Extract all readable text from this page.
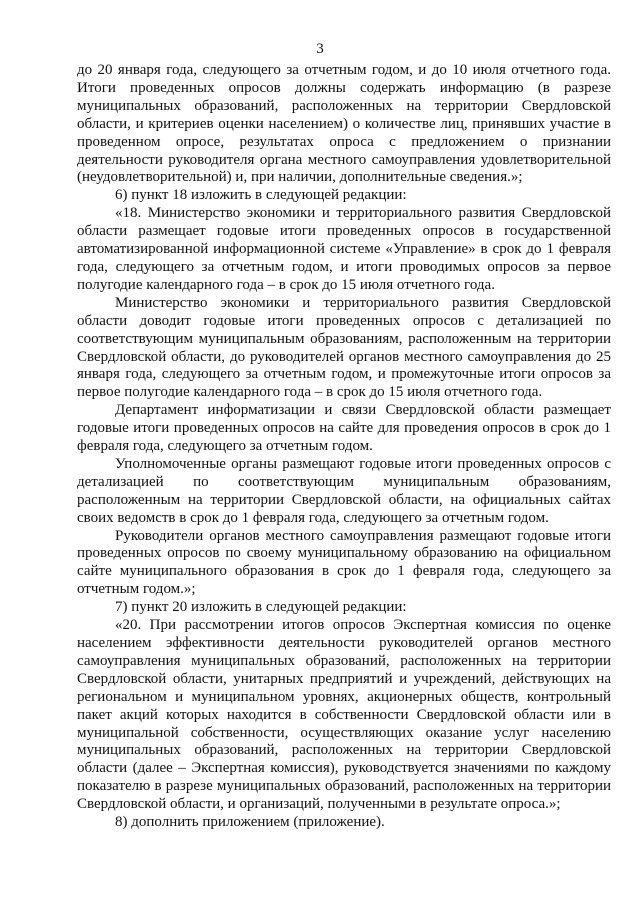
3

до 20 января года, следующего за отчетным годом, и до 10 июля отчетного года. Итоги проведенных опросов должны содержать информацию (в разрезе муниципальных образований, расположенных на территории Свердловской области, и критериев оценки населением) о количестве лиц, принявших участие в проведенном опросе, результатах опроса с предложением о признании деятельности руководителя органа местного самоуправления удовлетворительной (неудовлетворительной) и, при наличии, дополнительные сведения.»;

6) пункт 18 изложить в следующей редакции:

«18. Министерство экономики и территориального развития Свердловской области размещает годовые итоги проведенных опросов в государственной автоматизированной информационной системе «Управление» в срок до 1 февраля года, следующего за отчетным годом, и итоги проводимых опросов за первое полугодие календарного года – в срок до 15 июля отчетного года.

Министерство экономики и территориального развития Свердловской области доводит годовые итоги проведенных опросов с детализацией по соответствующим муниципальным образованиям, расположенным на территории Свердловской области, до руководителей органов местного самоуправления до 25 января года, следующего за отчетным годом, и промежуточные итоги опросов за первое полугодие календарного года – в срок до 15 июля отчетного года.

Департамент информатизации и связи Свердловской области размещает годовые итоги проведенных опросов на сайте для проведения опросов в срок до 1 февраля года, следующего за отчетным годом.

Уполномоченные органы размещают годовые итоги проведенных опросов с детализацией по соответствующим муниципальным образованиям, расположенным на территории Свердловской области, на официальных сайтах своих ведомств в срок до 1 февраля года, следующего за отчетным годом.

Руководители органов местного самоуправления размещают годовые итоги проведенных опросов по своему муниципальному образованию на официальном сайте муниципального образования в срок до 1 февраля года, следующего за отчетным годом.»;

7) пункт 20 изложить в следующей редакции:

«20. При рассмотрении итогов опросов Экспертная комиссия по оценке населением эффективности деятельности руководителей органов местного самоуправления муниципальных образований, расположенных на территории Свердловской области, унитарных предприятий и учреждений, действующих на региональном и муниципальном уровнях, акционерных обществ, контрольный пакет акций которых находится в собственности Свердловской области или в муниципальной собственности, осуществляющих оказание услуг населению муниципальных образований, расположенных на территории Свердловской области (далее – Экспертная комиссия), руководствуется значениями по каждому показателю в разрезе муниципальных образований, расположенных на территории Свердловской области, и организаций, полученными в результате опроса.»;

8) дополнить приложением (приложение).
